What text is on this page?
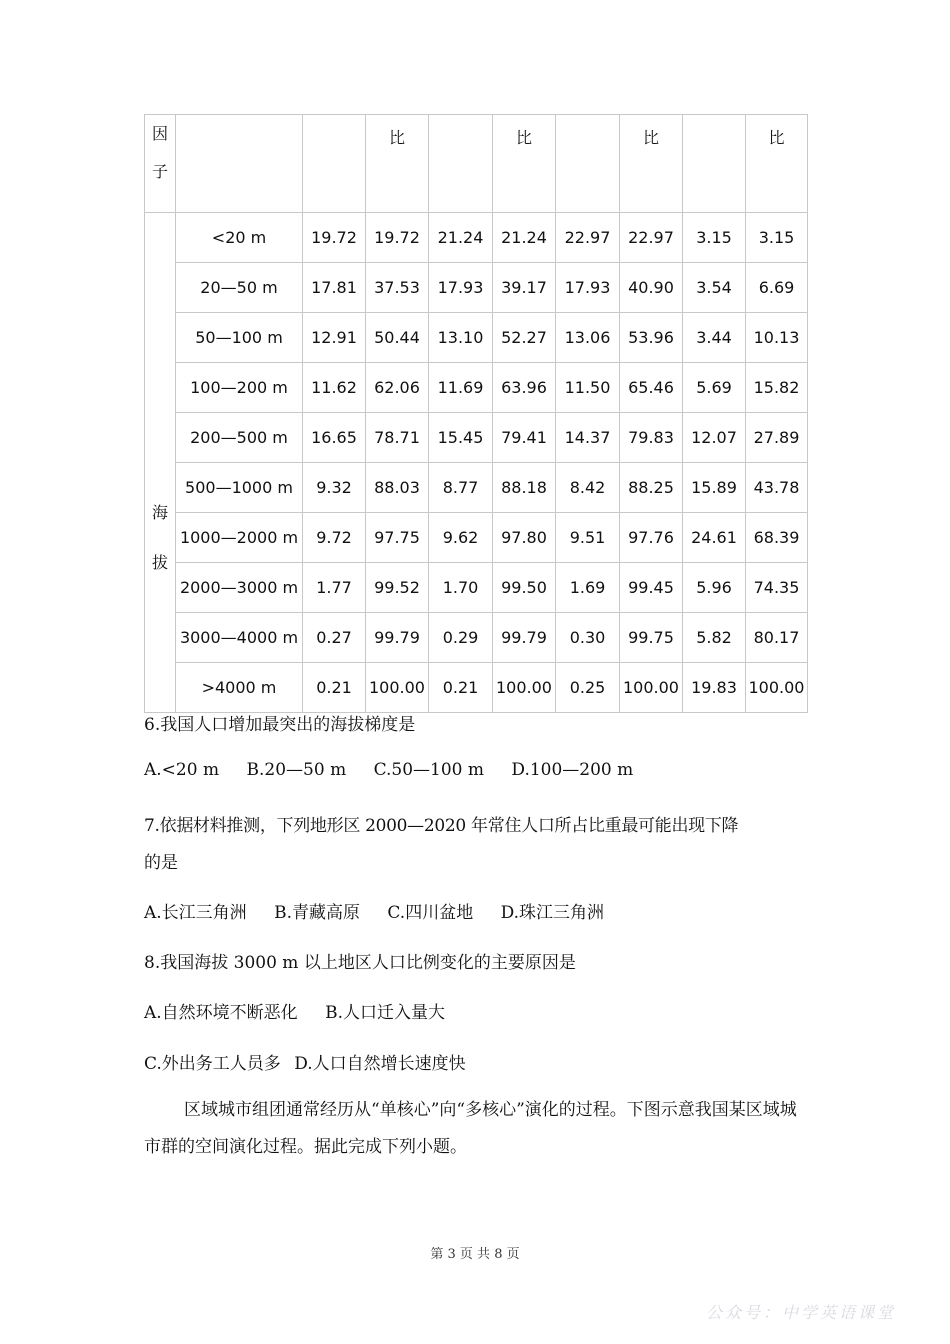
因
子			比		比		比		比

海
拔	<20 m	19.72	19.72	21.24	21.24	22.97	22.97	3.15	3.15
	20—50 m	17.81	37.53	17.93	39.17	17.93	40.90	3.54	6.69
	50—100 m	12.91	50.44	13.10	52.27	13.06	53.96	3.44	10.13
	100—200 m	11.62	62.06	11.69	63.96	11.50	65.46	5.69	15.82
	200—500 m	16.65	78.71	15.45	79.41	14.37	79.83	12.07	27.89
	500—1000 m	9.32	88.03	8.77	88.18	8.42	88.25	15.89	43.78
	1000—2000 m	9.72	97.75	9.62	97.80	9.51	97.76	24.61	68.39
	2000—3000 m	1.77	99.52	1.70	99.50	1.69	99.45	5.96	74.35
	3000—4000 m	0.27	99.79	0.29	99.79	0.30	99.75	5.82	80.17
	>4000 m	0.21	100.00	0.21	100.00	0.25	100.00	19.83	100.00
6.我国人口增加最突出的海拔梯度是
A.<20 m B.20—50 m C.50—100 m D.100—200 m
7.依据材料推测，下列地形区 2000—2020 年常住人口所占比重最可能出现下降
的是
A.长江三角洲 B.青藏高原 C.四川盆地 D.珠江三角洲
8.我国海拔 3000 m 以上地区人口比例变化的主要原因是
A.自然环境不断恶化 B.人口迁入量大
C.外出务工人员多 D.人口自然增长速度快
区域城市组团通常经历从“单核心”向“多核心”演化的过程。下图示意我国某区域城市群的空间演化过程。据此完成下列小题。
第 3 页 共 8 页
公众号：中学英语课堂
